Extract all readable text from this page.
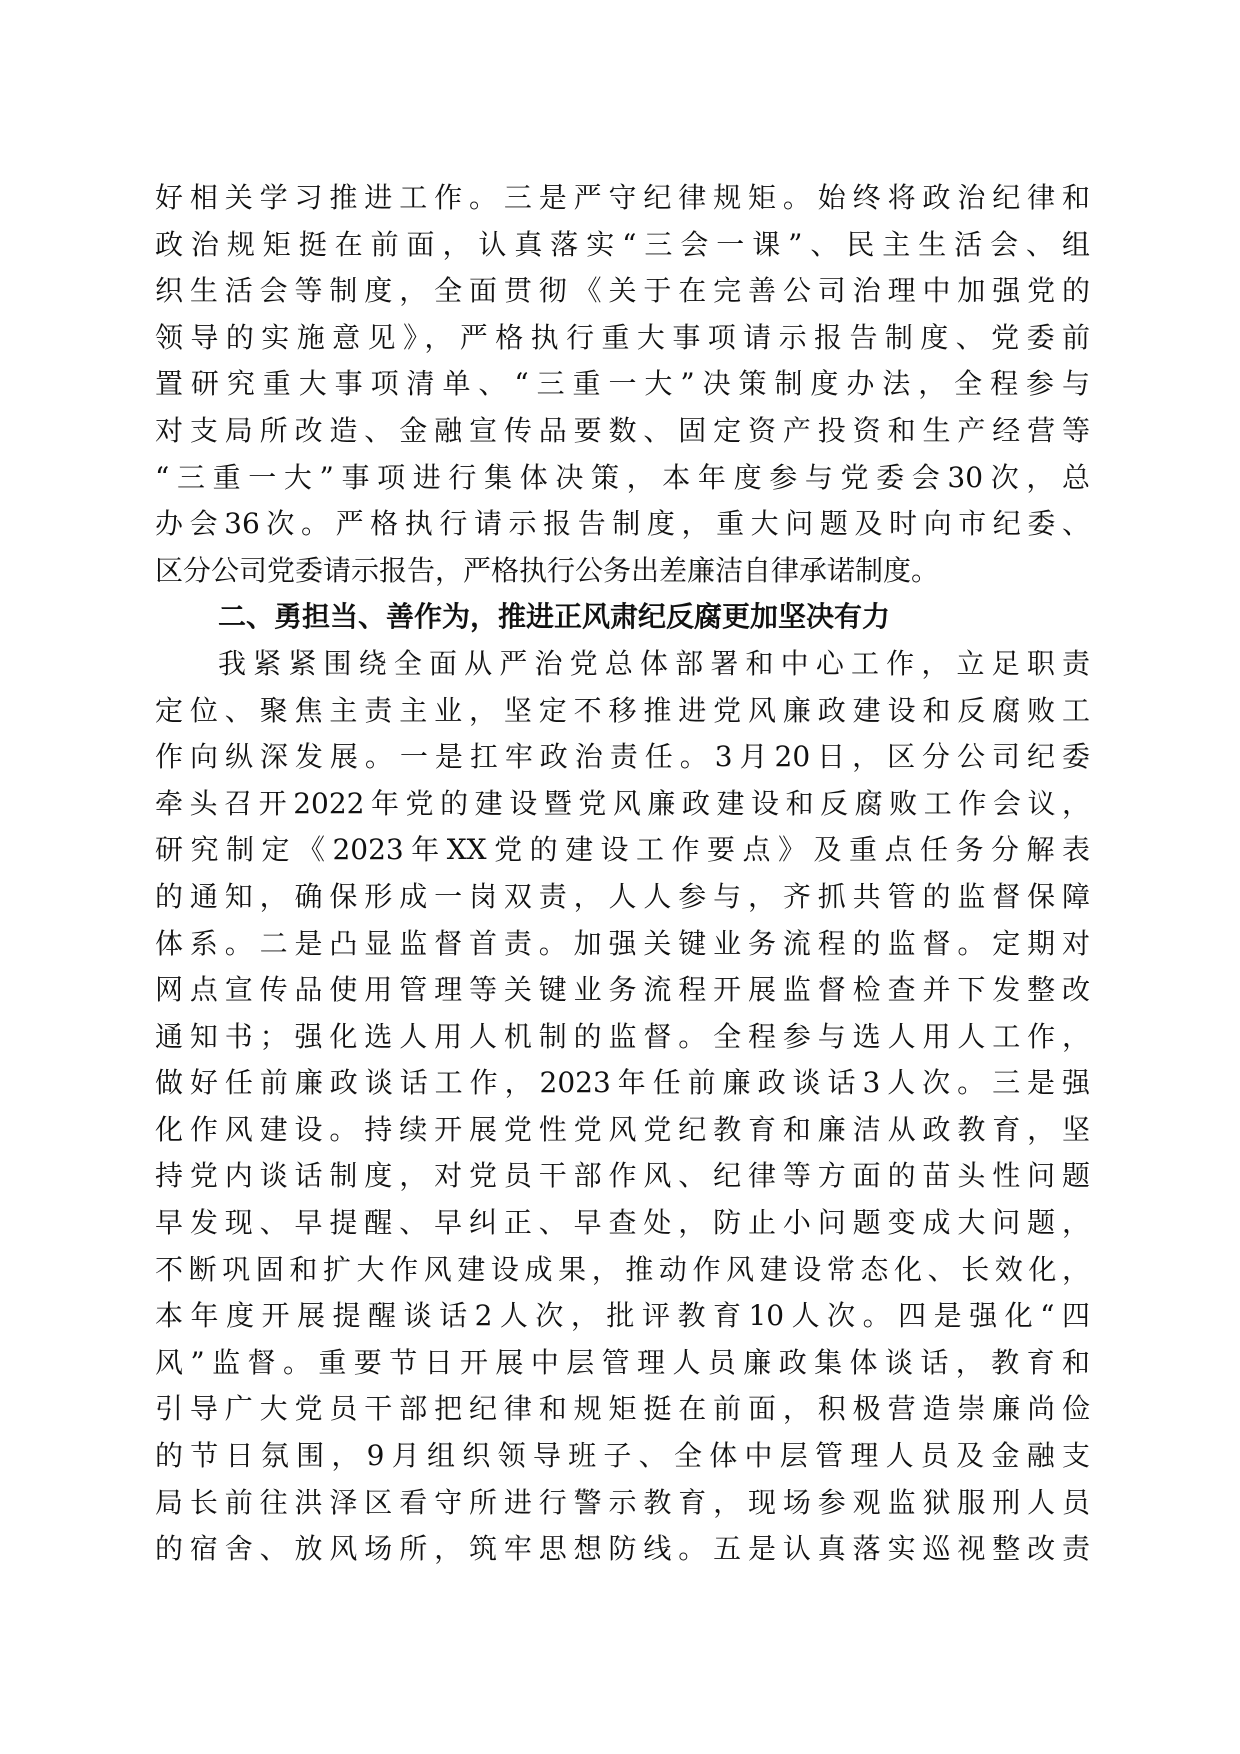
好相关学习推进工作。三是严守纪律规矩。始终将政治纪律和
政治规矩挺在前面，认真落实“三会一课”、民主生活会、组
织生活会等制度，全面贯彻《关于在完善公司治理中加强党的
领导的实施意见》，严格执行重大事项请示报告制度、党委前
置研究重大事项清单、“三重一大”决策制度办法，全程参与
对支局所改造、金融宣传品要数、固定资产投资和生产经营等
“三重一大”事项进行集体决策，本年度参与党委会30次，总
办会36次。严格执行请示报告制度，重大问题及时向市纪委、
区分公司党委请示报告，严格执行公务出差廉洁自律承诺制度。
二、勇担当、善作为，推进正风肃纪反腐更加坚决有力
我紧紧围绕全面从严治党总体部署和中心工作，立足职责
定位、聚焦主责主业，坚定不移推进党风廉政建设和反腐败工
作向纵深发展。一是扛牢政治责任。3月20日，区分公司纪委
牵头召开2022年党的建设暨党风廉政建设和反腐败工作会议，
研究制定《2023年XX党的建设工作要点》及重点任务分解表
的通知，确保形成一岗双责，人人参与，齐抓共管的监督保障
体系。二是凸显监督首责。加强关键业务流程的监督。定期对
网点宣传品使用管理等关键业务流程开展监督检查并下发整改
通知书；强化选人用人机制的监督。全程参与选人用人工作，
做好任前廉政谈话工作，2023年任前廉政谈话3人次。三是强
化作风建设。持续开展党性党风党纪教育和廉洁从政教育，坚
持党内谈话制度，对党员干部作风、纪律等方面的苗头性问题
早发现、早提醒、早纠正、早查处，防止小问题变成大问题，
不断巩固和扩大作风建设成果，推动作风建设常态化、长效化，
本年度开展提醒谈话2人次，批评教育10人次。四是强化“四
风”监督。重要节日开展中层管理人员廉政集体谈话，教育和
引导广大党员干部把纪律和规矩挺在前面，积极营造崇廉尚俭
的节日氛围，9月组织领导班子、全体中层管理人员及金融支
局长前往洪泽区看守所进行警示教育，现场参观监狱服刑人员
的宿舍、放风场所，筑牢思想防线。五是认真落实巡视整改责
